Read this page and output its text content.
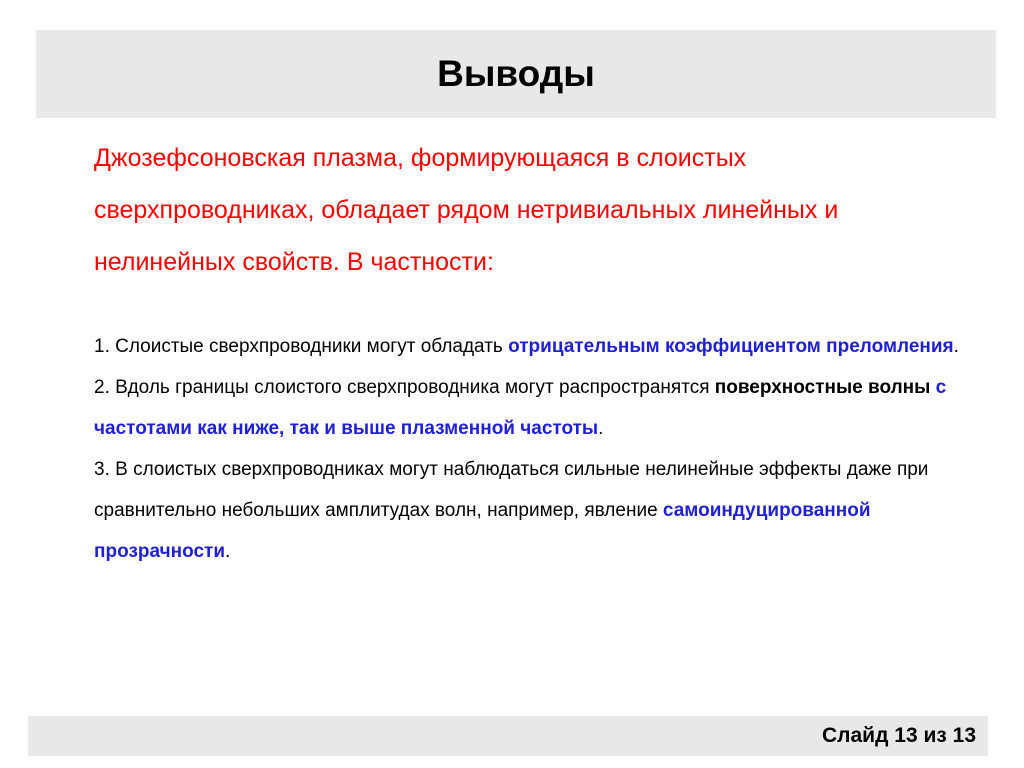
Выводы

Джозефсоновская плазма, формирующаяся в слоистых сверхпроводниках, обладает рядом нетривиальных линейных и нелинейных свойств. В частности:

1. Слоистые сверхпроводники могут обладать отрицательным коэффициентом преломления.

2. Вдоль границы слоистого сверхпроводника могут распространятся поверхностные волны с частотами как ниже, так и выше плазменной частоты.

3. В слоистых сверхпроводниках могут наблюдаться сильные нелинейные эффекты даже при сравнительно небольших амплитудах волн, например, явление самоиндуцированной прозрачности.

Слайд 13 из 13
